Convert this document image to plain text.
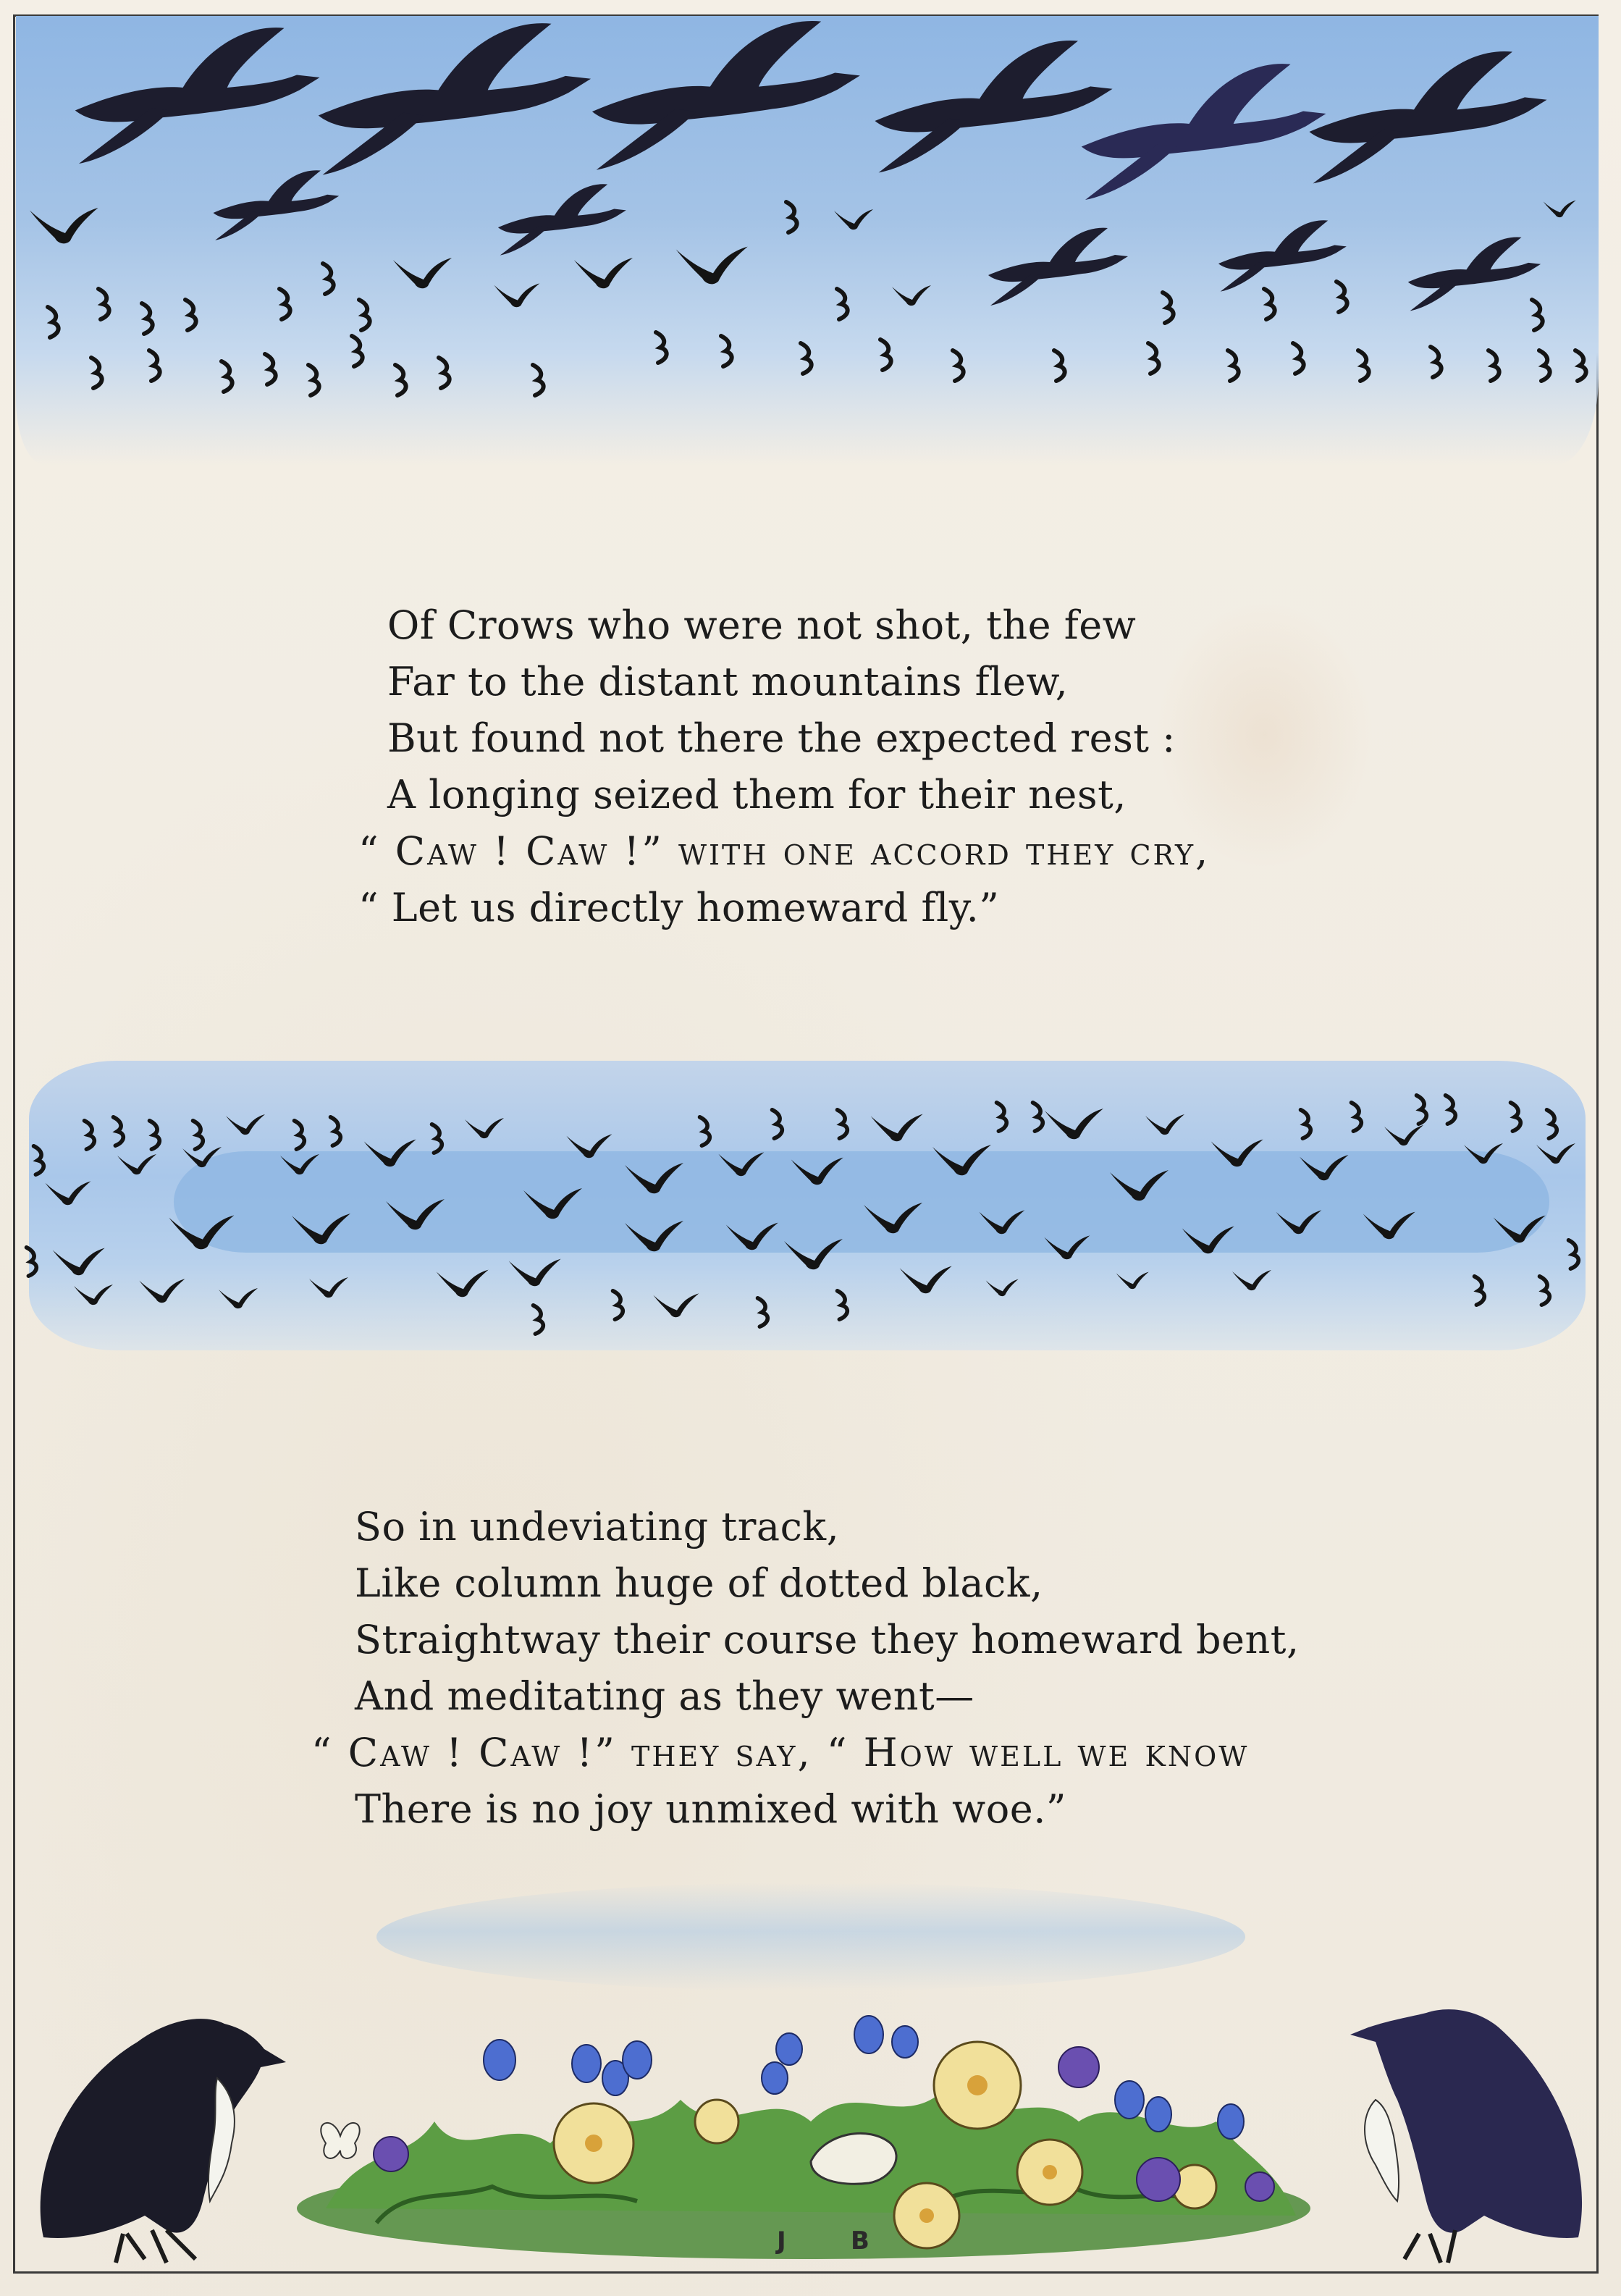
Of Crows who were not shot, the few
Far to the distant mountains flew,
But found not there the expected rest :
A longing seized them for their nest,
“ Caw ! Caw !” with one accord they cry,
“ Let us directly homeward fly.”
So in undeviating track,
Like column huge of dotted black,
Straightway their course they homeward bent,
And meditating as they went—
“ Caw ! Caw !” they say, “ How well we know
There is no joy unmixed with woe.”
J	B
